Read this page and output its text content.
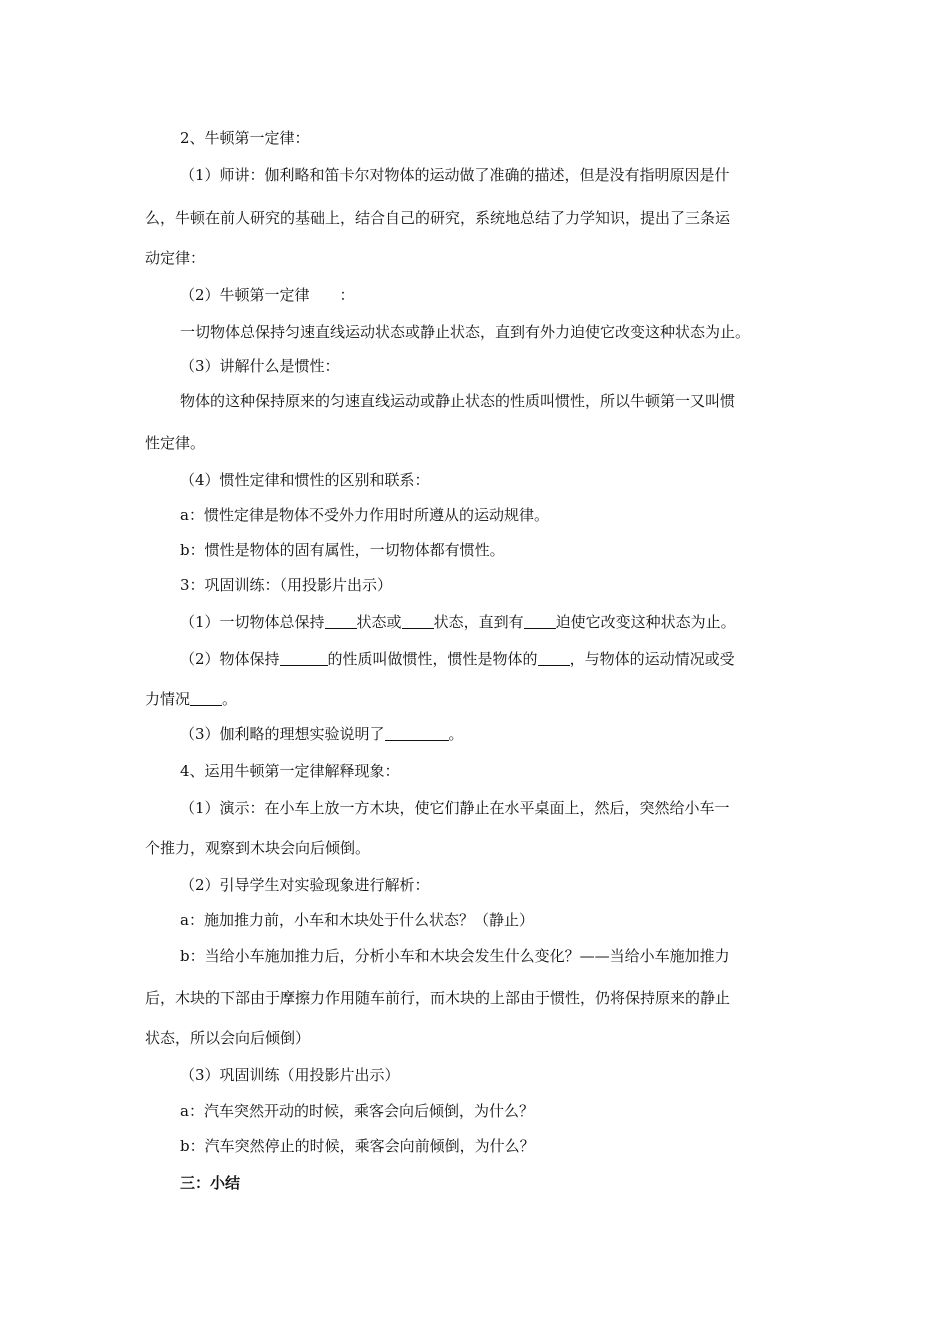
2、牛顿第一定律：
（1）师讲：伽利略和笛卡尔对物体的运动做了准确的描述，但是没有指明原因是什
么，牛顿在前人研究的基础上，结合自己的研究，系统地总结了力学知识，提出了三条运
动定律：
（2）牛顿第一定律　　：
一切物体总保持匀速直线运动状态或静止状态，直到有外力迫使它改变这种状态为止。
（3）讲解什么是惯性：
物体的这种保持原来的匀速直线运动或静止状态的性质叫惯性，所以牛顿第一又叫惯
性定律。
（4）惯性定律和惯性的区别和联系：
a：惯性定律是物体不受外力作用时所遵从的运动规律。
b：惯性是物体的固有属性，一切物体都有惯性。
3：巩固训练：（用投影片出示）
（1）一切物体总保持 状态或 状态，直到有 迫使它改变这种状态为止。
（2）物体保持	的性质叫做惯性，惯性是物体的 ，与物体的运动情况或受
力情况 。
（3）伽利略的理想实验说明了	。
4、运用牛顿第一定律解释现象：
（1）演示：在小车上放一方木块，使它们静止在水平桌面上，然后，突然给小车一
个推力，观察到木块会向后倾倒。
（2）引导学生对实验现象进行解析：
a：施加推力前，小车和木块处于什么状态？（静止）
b：当给小车施加推力后，分析小车和木块会发生什么变化？——当给小车施加推力
后，木块的下部由于摩擦力作用随车前行，而木块的上部由于惯性，仍将保持原来的静止
状态，所以会向后倾倒）
（3）巩固训练（用投影片出示）
a：汽车突然开动的时候，乘客会向后倾倒，为什么？
b：汽车突然停止的时候，乘客会向前倾倒，为什么？
三：小结
